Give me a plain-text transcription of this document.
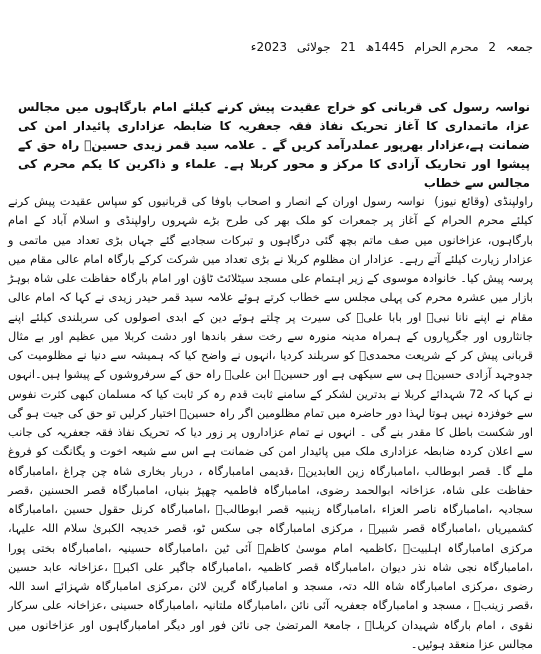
جمعہ 2 محرم الحرام 1445ھ 21 جولائی 2023ء
نواسہ رسول کی قربانی کو خراج عقیدت پیش کرنے کیلئے امام بارگاہوں میں مجالس عزا، ماتمداری کا آغاز تحریک نفاذ فقہ جعفریہ کا ضابطہ عزاداری پائیدار امن کی ضمانت ہے،عزادار بھرپور عملدرآمد کریں گے ۔ علامہ سید قمر زیدی حسینؑ راہ حق کے پیشوا اور تحاریک آزادی کا مرکز و محور کربلا ہے۔ علماء و ذاکرین کا یکم محرم کی مجالس سے خطاب

راولپنڈی (وقائع نیوز)  نواسہ رسول اوران کے انصار و اصحاب باوفا کی قربانیوں کو سپاس عقیدت پیش کرنے کیلئے محرم الحرام کے آغاز پر جمعرات کو ملک بھر کی طرح بڑے شہروں راولپنڈی و اسلام آباد کے امام بارگاہوں، عزاخانوں میں صف ماتم بچھ گئی درگاہوں و تبرکات سجادیے گئے جہاں بڑی تعداد میں ماتمی و عزادار زیارت کیلئے آتے رہے۔ عزادار ان مظلوم کربلا نے بڑی تعداد میں شرکت کرکے بارگاہ امام عالی مقام میں پرسہ پیش کیا۔ خانوادہ موسوی کے زیر اہتمام علی مسجد سیٹلائٹ ٹاؤن اور امام بارگاہ حفاظت علی شاہ بوہڑ بازار میں عشرہ محرم کی پہلی مجلس سے خطاب کرتے ہوئے علامہ سید قمر حیدر زیدی نے کہا کہ امام عالی مقام نے اپنے نانا نبیﷺ اور بابا علیؑ کی سیرت پر چلتے ہوئے دین کے ابدی اصولوں کی سربلندی کیلئے اپنے جانثاروں اور جگرپاروں کے ہمراہ مدینہ منورہ سے رخت سفر باندھا اور دشت کربلا میں عظیم اور بے مثال قربانی پیش کر کے شریعت محمدیؐ کو سربلند کردیا ،انہوں نے واضح کیا کہ ہمیشہ سے دنیا نے مظلومیت کی جدوجہد آزادی حسینؑ ہی سے سیکھی ہے اور حسینؑ ابن علیؑ راہ حق کے سرفروشوں کے پیشوا ہیں۔انہوں نے کہا کہ 72 شہدائے کربلا نے بدترین لشکر کے سامنے ثابت قدم رہ کر ثابت کیا کہ مسلمان کبھی کثرت نفوس سے خوفزدہ نہیں ہوتا لہذا دور حاضرہ میں تمام مظلومین اگر راہ حسینؑ اختیار کرلیں تو حق کی جیت ہو گی اور شکست باطل کا مقدر بنے گی ۔ انہوں نے تمام عزاداروں پر زور دیا کہ تحریک نفاذ فقہ جعفریہ کی جانب سے اعلان کردہ ضابطہ عزاداری ملک میں پائیدار امن کی ضمانت ہے اس سے شیعہ اخوت و یگانگت کو فروغ ملے گا۔ قصر ابوطالب ،امامبارگاہ زین العابدینؑ ،قدیمی امامبارگاہ ، دربار بخاری شاہ چن چراغ ،امامبارگاہ حفاظت علی شاہ، عزاخانہ ابوالحمد رضوی، امامبارگاہ فاطمیہ چھپڑ بنیاں، امامبارگاہ قصر الحسنین ،قصر سجادیہ ،امامبارگاہ ناصر العزاء ،امامبارگاہ زینبیہ قصر ابوطالبؑ ،امامبارگاہ کرنل حقول حسین ،امامبارگاہ کشمیریاں ،امامبارگاہ قصر شبیرؑ ، مرکزی امامبارگاہ جی سکس ٹو، قصر خدیجہ الکبریٰ سلام اللہ علیہا، مرکزی امامبارگاہ اہلبیتؑ ،کاظمیہ امام موسیٰ کاظمؑ آئی ٹین ،امامبارگاہ حسینیہ ،امامبارگاہ بختی پورا ،امامبارگاہ نجی شاہ نذر دیوان ،امامبارگاہ قصر کاظمیہ ،امامبارگاہ جاگیر علی اکبرؑ ،عزاخانہ عابد حسین رضوی ،مرکزی امامبارگاہ شاہ اللہ دتہ، مسجد و امامبارگاہ گرین لائن ،مرکزی امامبارگاہ شہزائے اسد اللہ ،قصر زینبؑ ، مسجد و امامبارگاہ جعفریہ آئی نائن ،امامبارگاہ ملتانیہ ،امامبارگاہ حسینی ،عزاخانہ علی سرکار نقوی ، امام بارگاہ شہیدان کربلاؑ ، جامعۃ المرتضیٰ جی نائن فور اور دیگر امامبارگاہوں اور عزاخانوں میں مجالس عزا منعقد ہوئیں۔
